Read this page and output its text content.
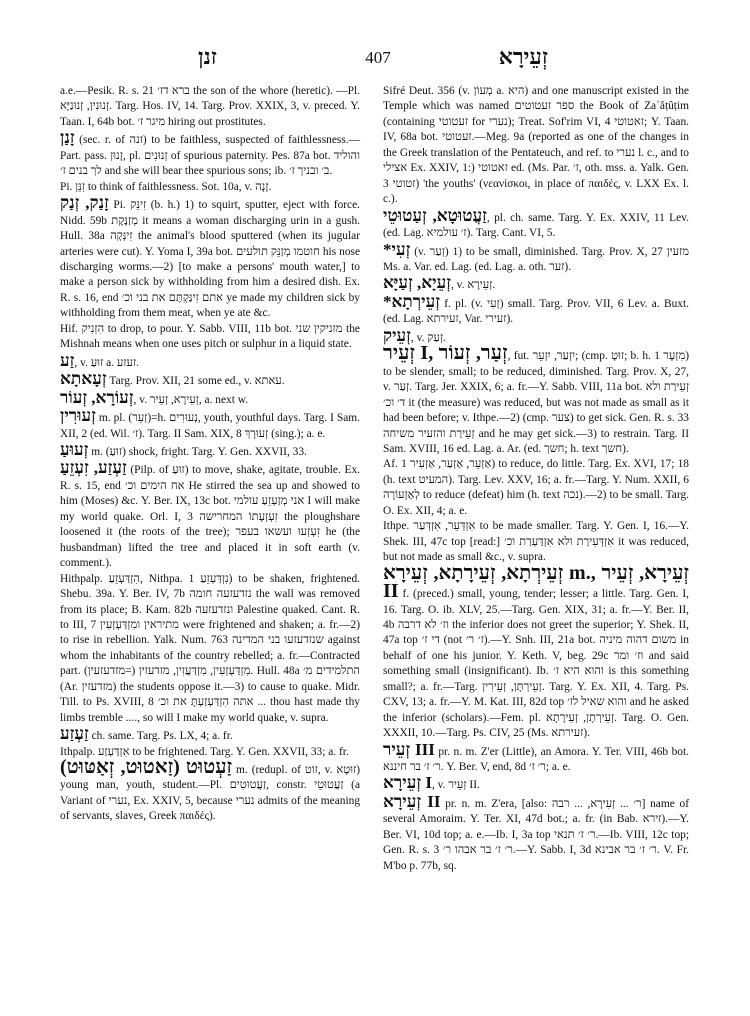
זנן	407	זְעֵירָא

a.e.—Pesik. R. s. 21 ברא דז׳ the son of the whore (heretic). —Pl. זְנוּנִין, זְנוּנַיָּא. Targ. Hos. IV, 14. Targ. Prov. XXIX, 3, v. preced. Y. Taan. I, 64b bot. מיגר ז׳ hiring out prostitutes.

זָנַן (sec. r. of זנה) to be faithless, suspected of faithlessness.—Part. pass. זָנוּן, pl. זְנוּנִים of spurious paternity. Pes. 87a bot. והוליד לך בנים ז׳ and she will bear thee spurious sons; ib. ב׳ ובניך ז׳.

Pi. זִנֵּן to think of faithlessness. Sot. 10a, v. זָנָה.

זָנַק, זְנַק Pi. זִינֵּק (b. h.) 1) to squirt, sputter, eject with force. Nidd. 59b מְזַנֶּקֶת it means a woman discharging urin in a gush. Hull. 38a זִינְּקָה the animal's blood sputtered (when its jugular arteries were cut). Y. Yoma I, 39a bot. חוטמו מְזַנֵּק תולעים his nose discharging worms.—2) [to make a persons' mouth water,] to make a person sick by withholding from him a desired dish. Ex. R. s. 16, end אתם זִינַּקְתֶּם את בני וכ׳ ye made my children sick by withholding from them meat, when ye ate &c.

Hif. הִזְנִיק to drop, to pour. Y. Sabb. VIII, 11b bot. מזניקין שני the Mishnah means when one uses pitch or sulphur in a liquid state.

זַע, v. זוּעַ a. זעזע.

זְעָאתָא Targ. Prov. XII, 21 some ed., v. עאתא.

זְעוֹרָא, זְעוֹר, v. זְעֵירָא, זְעֵיר, a. next w.

זְעוּרִין m. pl. (זְעֵר)=h. נְעוּרִים, youth, youthful days. Targ. I Sam. XII, 2 (ed. Wil. ז׳). Targ. II Sam. XIX, 8 זְעוּרָךְ (sing.); a. e.

זְעוּעַ m. (זוּעַ) shock, fright. Targ. Y. Gen. XXVII, 33.

זַעְזַע, זִעְזֵעַ (Pilp. of זוּעַ) to move, shake, agitate, trouble. Ex. R. s. 15, end אח הימים וכ׳ He stirred the sea up and showed to him (Moses) &c. Y. Ber. IX, 13c bot. אני מְזַעְזֵעַ עולמי I will make my world quake. Orl. I, 3 זִעְזְעָתוֹ המחרישה the ploughshare loosened it (the roots of the tree); זִעְזְעוּ ועשאו בעפר he (the husbandman) lifted the tree and placed it in soft earth (v. comment.).

Hithpalp. הִזְדַּעְזֵעַ, Nithpa. נִזְדַּעְזֵעַ 1) to be shaken, frightened. Shebu. 39a. Y. Ber. IV, 7b נזדעזעה חומה the wall was removed from its place; B. Kam. 82b ונזדעזעה Palestine quaked. Cant. R. to III, 7 מתיראין ומִזְדַּעְזְעִין were frightened and shaken; a. fr.—2) to rise in rebellion. Yalk. Num. 763 שנזדעזעו בני המדינה against whom the inhabitants of the country rebelled; a. fr.—Contracted part. מִזְדַּעְזְעִין, מִזְדַּעֲזִין, מזדעזין (=מזדעזעין). Hull. 48a התלמידים מ׳ (Ar. מזדעזין) the students oppose it.—3) to cause to quake. Midr. Till. to Ps. XVIII, 8 אתה הִזְדַּעְזַעְתָּ את וכ׳ ... thou hast made thy limbs tremble ...., so will I make my world quake, v. supra.

זַעְזַע ch. same. Targ. Ps. LX, 4; a. fr.

Ithpalp. אִזְדַּעְזַע to be frightened. Targ. Y. Gen. XXVII, 33; a. fr.

זַעְטוּט (זַאטוּט, זְאַטּוּט) m. (redupl. of זוט, v. זוּטָא) young man, youth, student.—Pl. זַעֲטוּטִים, constr. זַעֲטוּטֵי (a Variant of נערי, Ex. XXIV, 5, because נערי admits of the meaning of servants, slaves, Greek παιδές).

Sifré Deut. 356 (v. מְעוֹן a. היא) and one manuscript existed in the Temple which was named ספר זעטוטים the Book of Zaʿăṭûṭim (containing זעטוטי for נערי); Treat. Sof'rim VI, 4 זאטוטי; Y. Taan. IV, 68a bot. זעטוטי.—Meg. 9a (reported as one of the changes in the Greek translation of the Pentateuch, and ref. to נערי l. c., and to אצילי Ex. XXIV, 1:) זאטוטי ed. (Ms. Par. ז׳, oth. mss. a. Yalk. Gen. 3 זטוטי) 'the youths' (νεανίσκοι, in place of παιδές, v. LXX Ex. l. c.).

זַעֲטוּטָא, זְעַטוּטֵי, pl. ch. same. Targ. Y. Ex. XXIV, 11 Lev. (ed. Lag. ז׳ עולמיא). Targ. Cant. VI, 5.

*זְעִי (v. זְעַר) 1) to be small, diminished. Targ. Prov. X, 27 מזעין Ms. a. Var. ed. Lag. (ed. Lag. a. oth. זער).

זְעֵיָא, זְעַיָּא, v. זְעֵירָא.

*זְעֵירְתָא f. pl. (v. זְעִי) small. Targ. Prov. VII, 6 Lev. a. Buxt. (ed. Lag. זעירתא, Var. זעירי).

זְעֵיק, v. זְעַק.

זְעֵיר I, זְעַר, זְעוֹר, fut. יִזְעַר, יִזְעֵר; (cmp. זוּטָ; b. h. מִזְעָר 1) to be slender, small; to be reduced, diminished. Targ. Prov. X, 27, v. זְעַר. Targ. Jer. XXIX, 6; a. fr.—Y. Sabb. VIII, 11a bot. זְעֵירַת ולא ד׳ וכ׳ it (the measure) was reduced, but was not made as small as it had been before; v. Ithpe.—2) (cmp. צער) to get sick. Gen. R. s. 33 זְעֵירַת והזעיר משיחה and he may get sick.—3) to restrain. Targ. II Sam. XVIII, 16 ed. Lag. a. Ar. (ed. חשך; h. text חשך).

Af. אַזְעֵר, אַזְעַר, אַזְעִיר 1) to reduce, do little. Targ. Ex. XVI, 17; 18 (h. text המעיט). Targ. Lev. XXV, 16; a. fr.—Targ. Y. Num. XXII, 6 לְאַזְעוֹרָה to reduce (defeat) him (h. text נכה).—2) to be small. Targ. O. Ex. XII, 4; a. e.

Ithpe. אִזְדְּעֵר, אִזְדְּעַר to be made smaller. Targ. Y. Gen. I, 16.—Y. Shek. III, 47c top [read:] אִזְדְּעִירַת ולא אִזְדַּעְרַת וכ׳ it was reduced, but not made as small &c., v. supra.

זְעֵירְתָא, זְעֵירָתָא, זְעֵירָא m., זְעֵירָא, זְעֵיר II f. (preced.) small, young, tender; lesser; a little. Targ. Gen. I, 16. Targ. O. ib. XLV, 25.—Targ. Gen. XIX, 31; a. fr.—Y. Ber. II, 4b וז׳ לא דרבה the inferior does not greet the superior; Y. Shek. II, 47a top די ז׳ (not ז׳ ר׳).—Y. Snh. III, 21a bot. משום דהוה מיניה in behalf of one his junior. Y. Keth. V, beg. 29c וז׳ ומר and said something small (insignificant). Ib. והוא היא ז׳ is this something small?; a. fr.—Targ. זְעֵירְתָּן, זְעֵירִין. Targ. Y. Ex. XII, 4. Targ. Ps. CXV, 13; a. fr.—Y. M. Kat. III, 82d top והוא שאיל לז׳ and he asked the inferior (scholars).—Fem. pl. זְעֵירְתָן, זְעֵירָתָא. Targ. O. Gen. XXXII, 10.—Targ. Ps. CIV, 25 (Ms. זעירתא).

זְעֵיר III pr. n. m. Z'er (Little), an Amora. Y. Ter. VIII, 46b bot. ר׳ ז׳ בר חיננא. Y. Ber. V, end, 8d ר׳ ז׳; a. e.

זְעֵירָא I, v. זְעֵיר II.

זְעֵירָא II pr. n. m. Z'era, [also: ר׳ ... זְעִירָא, ... רבה] name of several Amoraim. Y. Ter. XI, 47d bot.; a. fr. (in Bab. זירא).—Y. Ber. VI, 10d top; a. e.—Ib. I, 3a top ר׳ ז׳ תנאי.—Ib. VIII, 12c top; Gen. R. s. 3 ר׳ ז׳ בר אבהו ר׳.—Y. Sabb. I, 3d ר׳ ז׳ בר אבינא. V. Fr. M'bo p. 77b, sq.
